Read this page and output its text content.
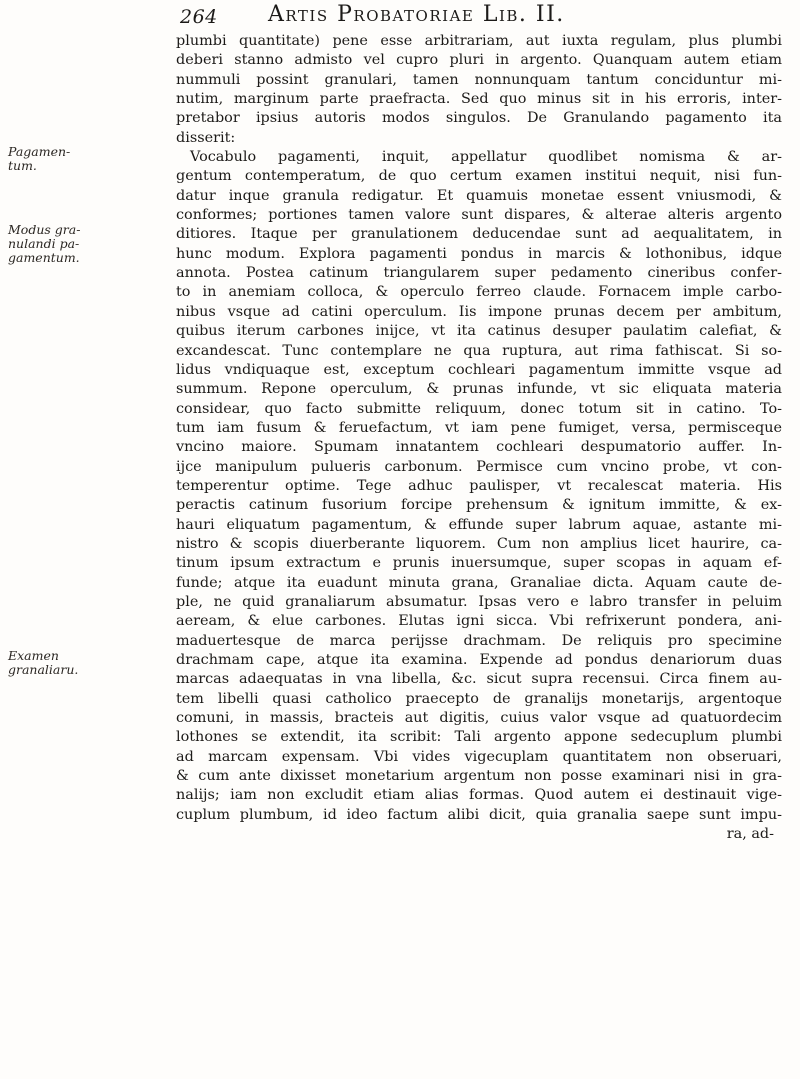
264 Artis Probatoriae Lib. II.
Pagamen-
tum.
Modus gra-
nulandi pa-
gamentum.
Examen
granaliaru.
plumbi quantitate) pene esse arbitrariam, aut iuxta regulam, plus plumbi
deberi stanno admisto vel cupro pluri in argento. Quanquam autem etiam
nummuli possint granulari, tamen nonnunquam tantum conciduntur mi-
nutim, marginum parte praefracta. Sed quo minus sit in his erroris, inter-
pretabor ipsius autoris modos singulos. De Granulando pagamento ita
disserit:
Vocabulo pagamenti, inquit, appellatur quodlibet nomisma & ar-
gentum contemperatum, de quo certum examen institui nequit, nisi fun-
datur inque granula redigatur. Et quamuis monetae essent vniusmodi, &
conformes; portiones tamen valore sunt dispares, & alterae alteris argento
ditiores. Itaque per granulationem deducendae sunt ad aequalitatem, in
hunc modum. Explora pagamenti pondus in marcis & lothonibus, idque
annota. Postea catinum triangularem super pedamento cineribus confer-
to in anemiam colloca, & operculo ferreo claude. Fornacem imple carbo-
nibus vsque ad catini operculum. Iis impone prunas decem per ambitum,
quibus iterum carbones inijce, vt ita catinus desuper paulatim calefiat, &
excandescat. Tunc contemplare ne qua ruptura, aut rima fathiscat. Si so-
lidus vndiquaque est, exceptum cochleari pagamentum immitte vsque ad
summum. Repone operculum, & prunas infunde, vt sic eliquata materia
considear, quo facto submitte reliquum, donec totum sit in catino. To-
tum iam fusum & feruefactum, vt iam pene fumiget, versa, permisceque
vncino maiore. Spumam innatantem cochleari despumatorio auffer. In-
ijce manipulum pulueris carbonum. Permisce cum vncino probe, vt con-
temperentur optime. Tege adhuc paulisper, vt recalescat materia. His
peractis catinum fusorium forcipe prehensum & ignitum immitte, & ex-
hauri eliquatum pagamentum, & effunde super labrum aquae, astante mi-
nistro & scopis diuerberante liquorem. Cum non amplius licet haurire, ca-
tinum ipsum extractum e prunis inuersumque, super scopas in aquam ef-
funde; atque ita euadunt minuta grana, Granaliae dicta. Aquam caute de-
ple, ne quid granaliarum absumatur. Ipsas vero e labro transfer in peluim
aeream, & elue carbones. Elutas igni sicca. Vbi refrixerunt pondera, ani-
maduertesque de marca perijsse drachmam. De reliquis pro specimine
drachmam cape, atque ita examina. Expende ad pondus denariorum duas
marcas adaequatas in vna libella, &c. sicut supra recensui. Circa finem au-
tem libelli quasi catholico praecepto de granalijs monetarijs, argentoque
comuni, in massis, bracteis aut digitis, cuius valor vsque ad quatuordecim
lothones se extendit, ita scribit: Tali argento appone sedecuplum plumbi
ad marcam expensam. Vbi vides vigecuplam quantitatem non obseruari,
& cum ante dixisset monetarium argentum non posse examinari nisi in gra-
nalijs; iam non excludit etiam alias formas. Quod autem ei destinauit vige-
cuplum plumbum, id ideo factum alibi dicit, quia granalia saepe sunt impu-
ra, ad-
